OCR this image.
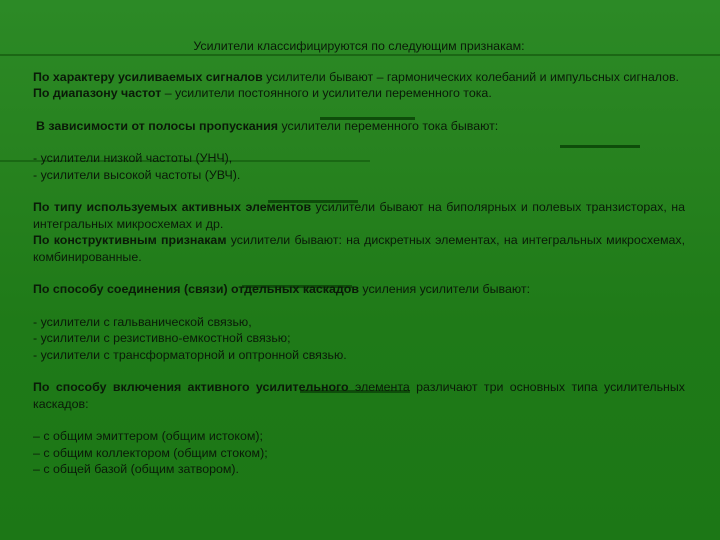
Усилители классифицируются по следующим признакам:

По характеру усиливаемых сигналов усилители бывают – гармонических колебаний и импульсных сигналов.

По диапазону частот – усилители постоянного и усилители переменного тока.

В зависимости от полосы пропускания усилители переменного тока бывают:

- усилители низкой частоты (УНЧ),
- усилители высокой частоты (УВЧ).

По типу используемых активных элементов усилители бывают на биполярных и полевых транзисторах, на интегральных микросхемах и др.

По конструктивным признакам усилители бывают: на дискретных элементах, на интегральных микросхемах, комбинированные.

По способу соединения (связи) отдельных каскадов усиления усилители бывают:

- усилители с гальванической связью,
- усилители с резистивно-емкостной связью;
- усилители с трансформаторной и оптронной связью.

По способу включения активного усилительного элемента различают три основных типа усилительных каскадов:

– с общим эмиттером (общим истоком);
– с общим коллектором (общим стоком);
– с общей базой (общим затвором).
